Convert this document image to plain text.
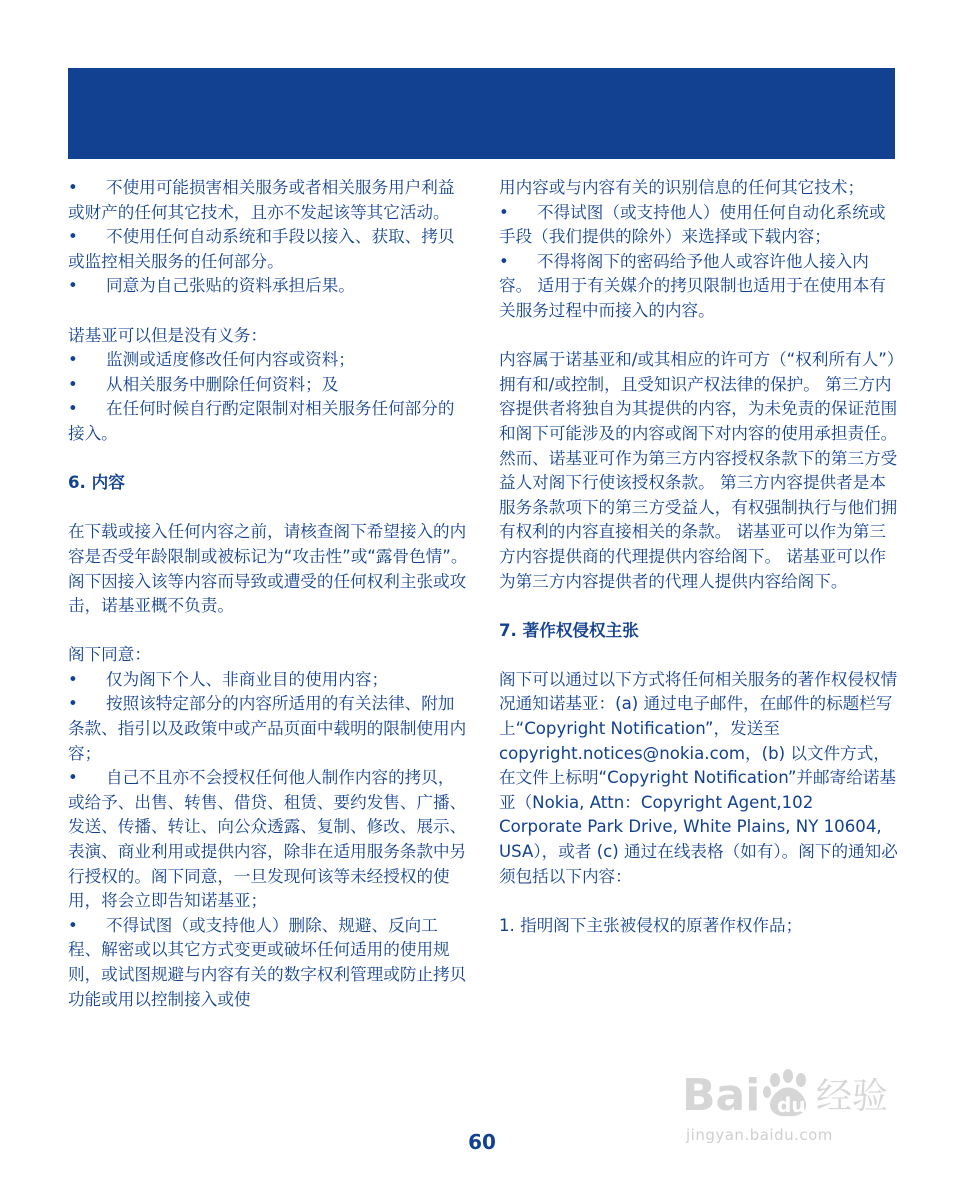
• 不使用可能损害相关服务或者相关服务用户利益或财产的任何其它技术，且亦不发起该等其它活动。

• 不使用任何自动系统和手段以接入、获取、拷贝或监控相关服务的任何部分。

• 同意为自己张贴的资料承担后果。

诺基亚可以但是没有义务：

• 监测或适度修改任何内容或资料；

• 从相关服务中删除任何资料；及

• 在任何时候自行酌定限制对相关服务任何部分的接入。

6. 内容

在下载或接入任何内容之前，请核查阁下希望接入的内容是否受年龄限制或被标记为“攻击性”或“露骨色情”。 阁下因接入该等内容而导致或遭受的任何权利主张或攻击，诺基亚概不负责。

阁下同意：

• 仅为阁下个人、非商业目的使用内容；

• 按照该特定部分的内容所适用的有关法律、附加条款、指引以及政策中或产品页面中载明的限制使用内容；

• 自己不且亦不会授权任何他人制作内容的拷贝，或给予、出售、转售、借贷、租赁、要约发售、广播、发送、传播、转让、向公众透露、复制、修改、展示、表演、商业利用或提供内容，除非在适用服务条款中另行授权的。阁下同意，一旦发现何该等未经授权的使用，将会立即告知诺基亚；

• 不得试图（或支持他人）删除、规避、反向工程、解密或以其它方式变更或破坏任何适用的使用规则，或试图规避与内容有关的数字权利管理或防止拷贝功能或用以控制接入或使

用内容或与内容有关的识别信息的任何其它技术；

• 不得试图（或支持他人）使用任何自动化系统或手段（我们提供的除外）来选择或下载内容；

• 不得将阁下的密码给予他人或容许他人接入内容。 适用于有关媒介的拷贝限制也适用于在使用本有关服务过程中而接入的内容。

内容属于诺基亚和/或其相应的许可方（“权利所有人”）拥有和/或控制，且受知识产权法律的保护。 第三方内容提供者将独自为其提供的内容，为未免责的保证范围和阁下可能涉及的内容或阁下对内容的使用承担责任。 然而、诺基亚可作为第三方内容授权条款下的第三方受益人对阁下行使该授权条款。 第三方内容提供者是本服务条款项下的第三方受益人，有权强制执行与他们拥有权利的内容直接相关的条款。 诺基亚可以作为第三方内容提供商的代理提供内容给阁下。 诺基亚可以作为第三方内容提供者的代理人提供内容给阁下。

7. 著作权侵权主张

阁下可以通过以下方式将任何相关服务的著作权侵权情况通知诺基亚：(a) 通过电子邮件，在邮件的标题栏写上“Copyright Notification”，发送至 copyright.notices@nokia.com，(b) 以文件方式，在文件上标明“Copyright Notification”并邮寄给诺基亚（Nokia, Attn：Copyright Agent,102 Corporate Park Drive, White Plains, NY 10604, USA），或者 (c) 通过在线表格（如有）。阁下的通知必须包括以下内容：

1. 指明阁下主张被侵权的原著作权作品；

60
Bai du 经验
jingyan.baidu.com
